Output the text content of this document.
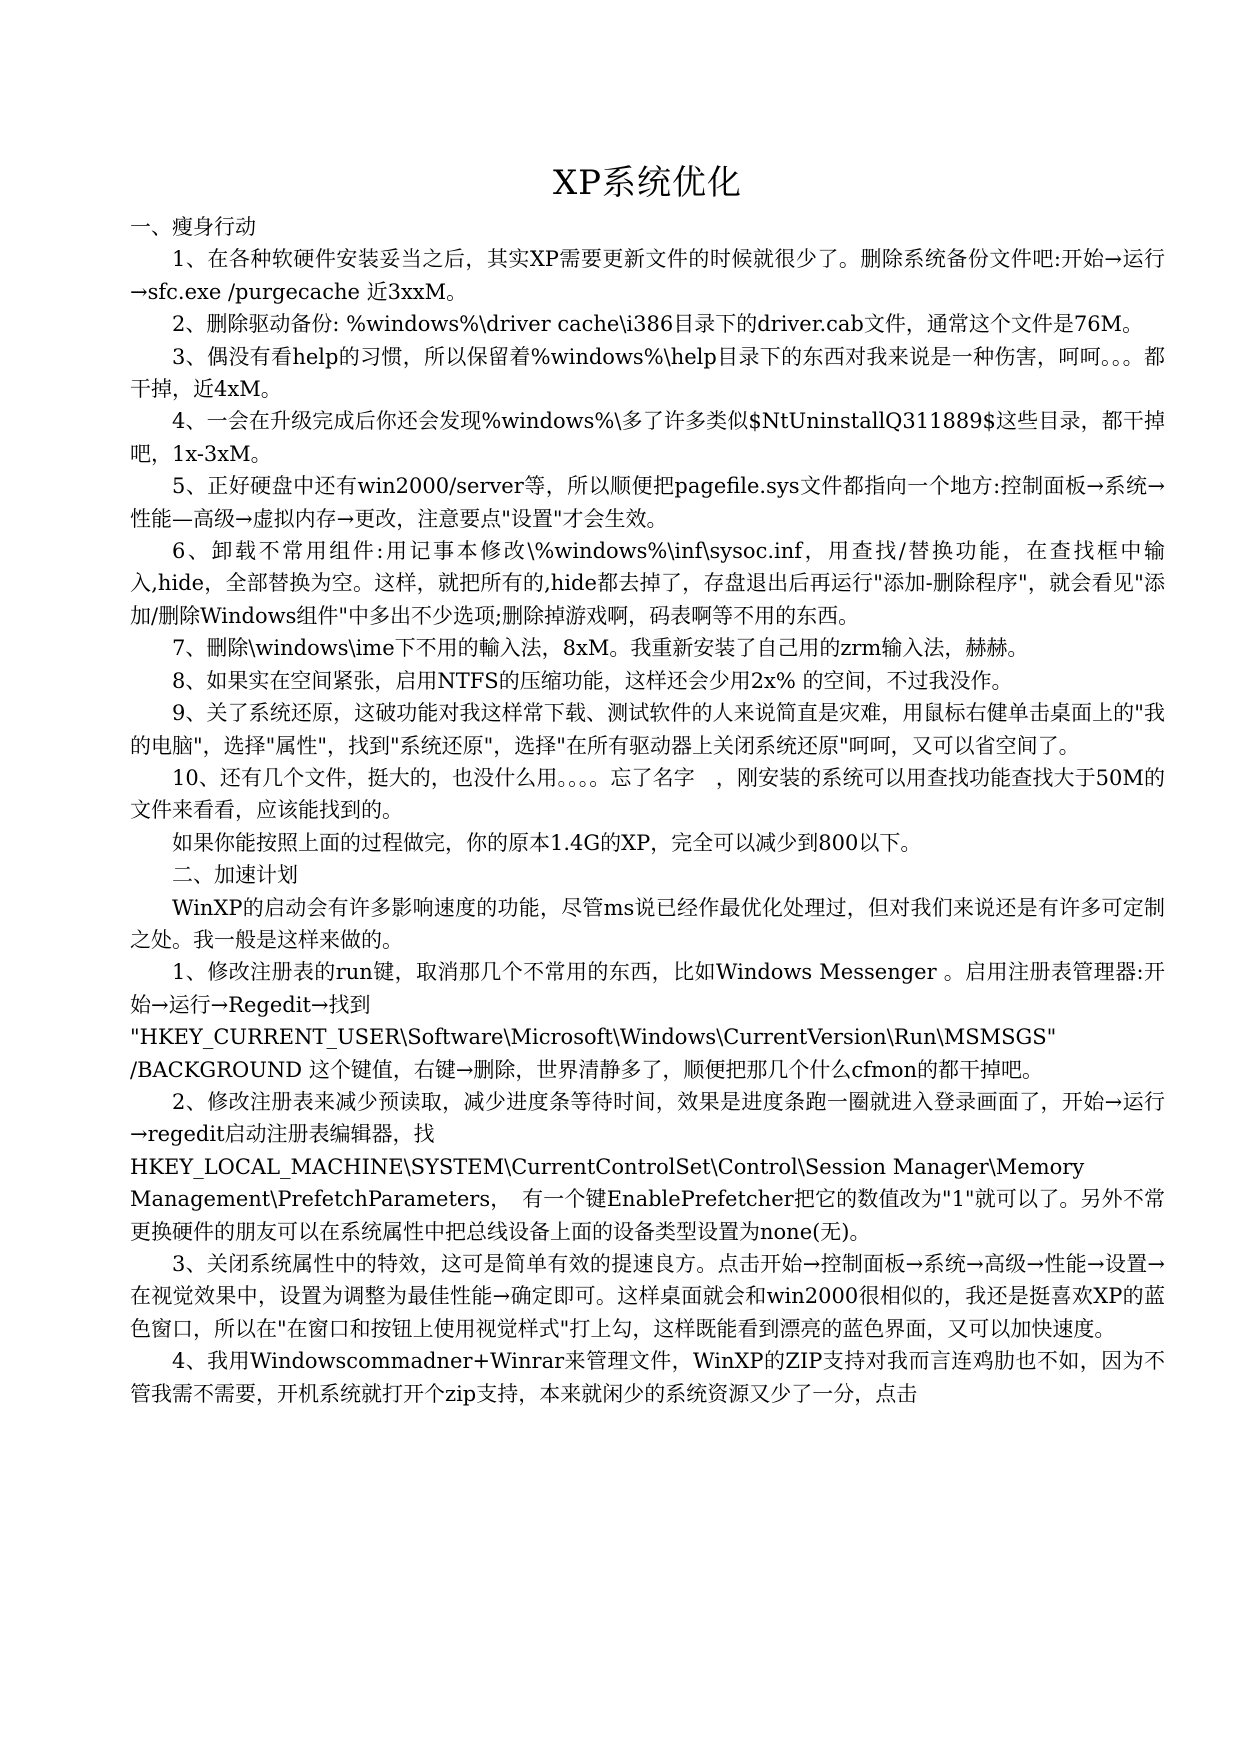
XP系统优化

一、瘦身行动

1、在各种软硬件安装妥当之后，其实XP需要更新文件的时候就很少了。删除系统备份文件吧:开始→运行→sfc.exe /purgecache 近3xxM。

2、删除驱动备份: %windows%\driver cache\i386目录下的driver.cab文件，通常这个文件是76M。

3、偶没有看help的习惯，所以保留着%windows%\help目录下的东西对我来说是一种伤害，呵呵。。。都干掉，近4xM。

4、一会在升级完成后你还会发现%windows%\多了许多类似$NtUninstallQ311889$这些目录，都干掉吧，1x-3xM。

5、正好硬盘中还有win2000/server等，所以顺便把pagefile.sys文件都指向一个地方:控制面板→系统→性能—高级→虚拟内存→更改，注意要点"设置"才会生效。

6、卸载不常用组件:用记事本修改\%windows%\inf\sysoc.inf，用查找/替换功能，在查找框中输入,hide，全部替换为空。这样，就把所有的,hide都去掉了，存盘退出后再运行"添加-删除程序"，就会看见"添加/删除Windows组件"中多出不少选项;删除掉游戏啊，码表啊等不用的东西。

7、刪除\windows\ime下不用的輸入法，8xM。我重新安装了自己用的zrm输入法，赫赫。

8、如果实在空间紧张，启用NTFS的压缩功能，这样还会少用2x% 的空间，不过我没作。

9、关了系统还原，这破功能对我这样常下载、测试软件的人来说简直是灾难，用鼠标右健单击桌面上的"我的电脑"，选择"属性"，找到"系统还原"，选择"在所有驱动器上关闭系统还原"呵呵，又可以省空间了。

10、还有几个文件，挺大的，也没什么用。。。。忘了名字　，刚安装的系统可以用查找功能查找大于50M的文件来看看，应该能找到的。

如果你能按照上面的过程做完，你的原本1.4G的XP，完全可以减少到800以下。

二、加速计划

WinXP的启动会有许多影响速度的功能，尽管ms说已经作最优化处理过，但对我们来说还是有许多可定制之处。我一般是这样来做的。

1、修改注册表的run键，取消那几个不常用的东西，比如Windows Messenger 。启用注册表管理器:开始→运行→Regedit→找到

"HKEY_CURRENT_USER\Software\Microsoft\Windows\CurrentVersion\Run\MSMSGS"

/BACKGROUND 这个键值，右键→删除，世界清静多了，顺便把那几个什么cfmon的都干掉吧。

2、修改注册表来减少预读取，减少进度条等待时间，效果是进度条跑一圈就进入登录画面了，开始→运行→regedit启动注册表编辑器，找

HKEY_LOCAL_MACHINE\SYSTEM\CurrentControlSet\Control\Session Manager\Memory

Management\PrefetchParameters，　有一个键EnablePrefetcher把它的数值改为"1"就可以了。另外不常更换硬件的朋友可以在系统属性中把总线设备上面的设备类型设置为none(无)。

3、关闭系统属性中的特效，这可是简单有效的提速良方。点击开始→控制面板→系统→高级→性能→设置→在视觉效果中，设置为调整为最佳性能→确定即可。这样桌面就会和win2000很相似的，我还是挺喜欢XP的蓝色窗口，所以在"在窗口和按钮上使用视觉样式"打上勾，这样既能看到漂亮的蓝色界面，又可以加快速度。

4、我用Windowscommadner+Winrar来管理文件，WinXP的ZIP支持对我而言连鸡肋也不如，因为不管我需不需要，开机系统就打开个zip支持，本来就闲少的系统资源又少了一分，点击
